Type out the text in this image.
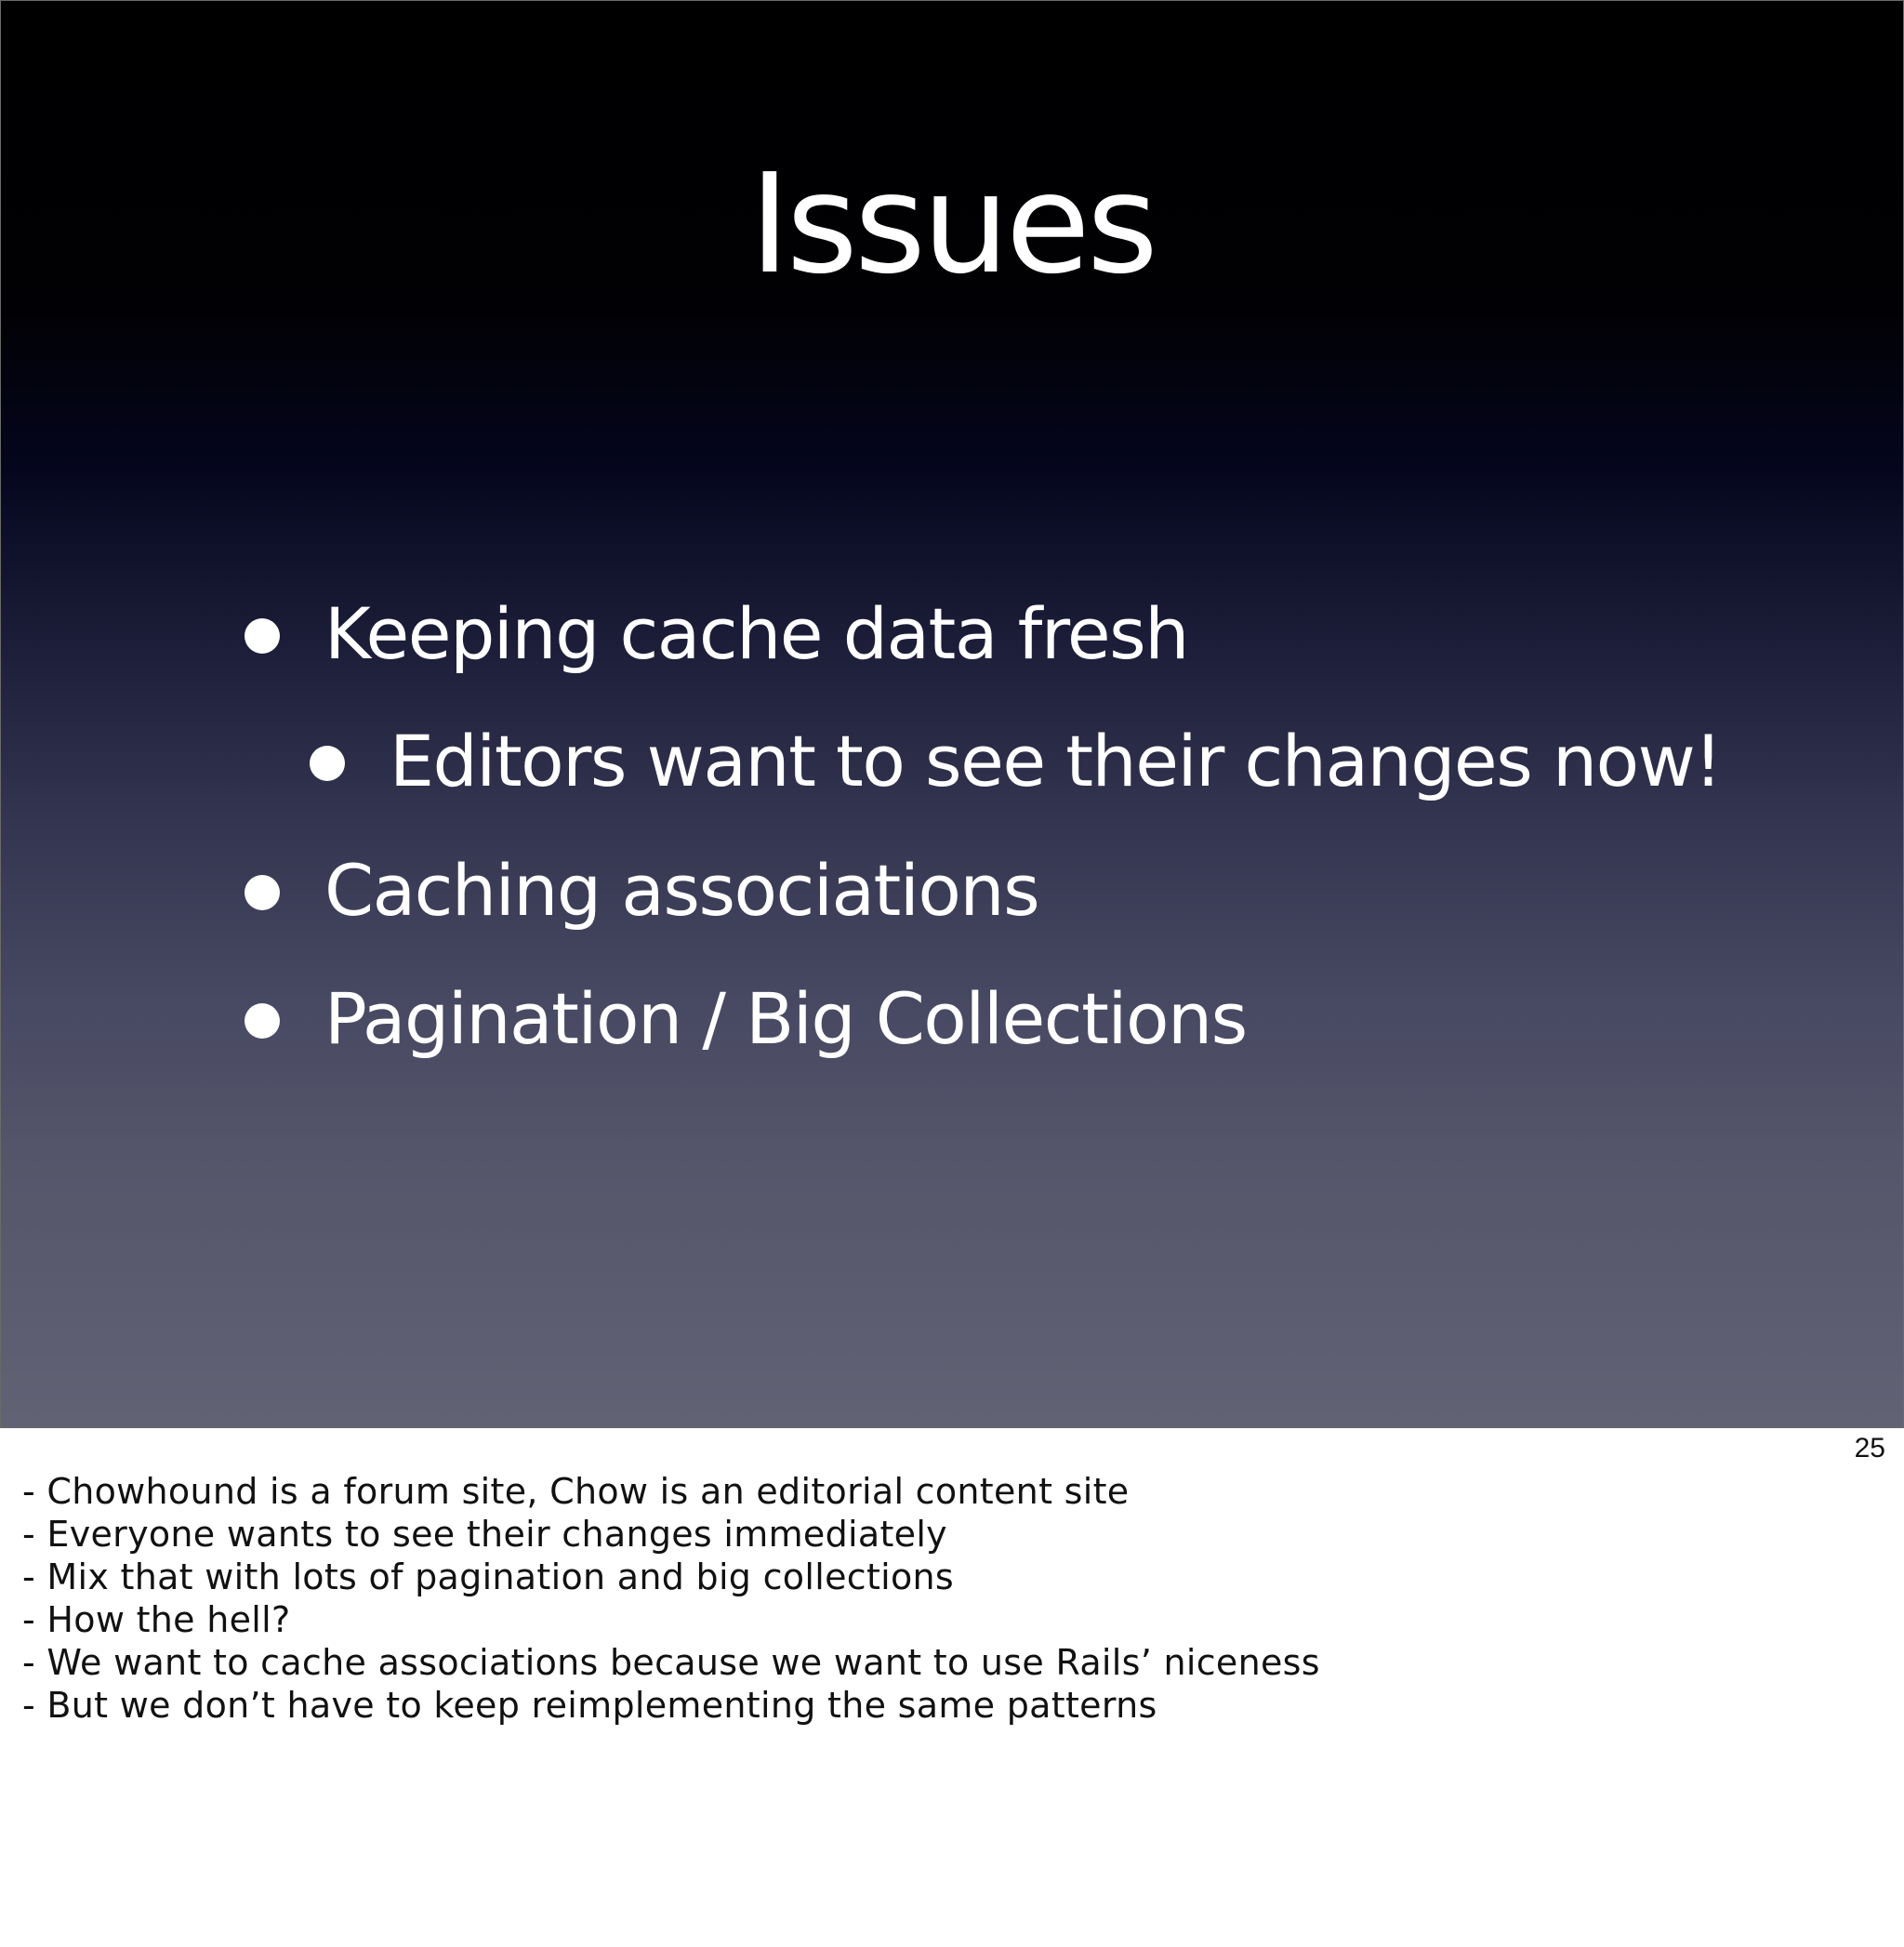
Issues
Keeping cache data fresh
Editors want to see their changes now!
Caching associations
Pagination / Big Collections
25
- Chowhound is a forum site, Chow is an editorial content site
- Everyone wants to see their changes immediately
- Mix that with lots of pagination and big collections
- How the hell?
- We want to cache associations because we want to use Rails’ niceness
- But we don’t have to keep reimplementing the same patterns
